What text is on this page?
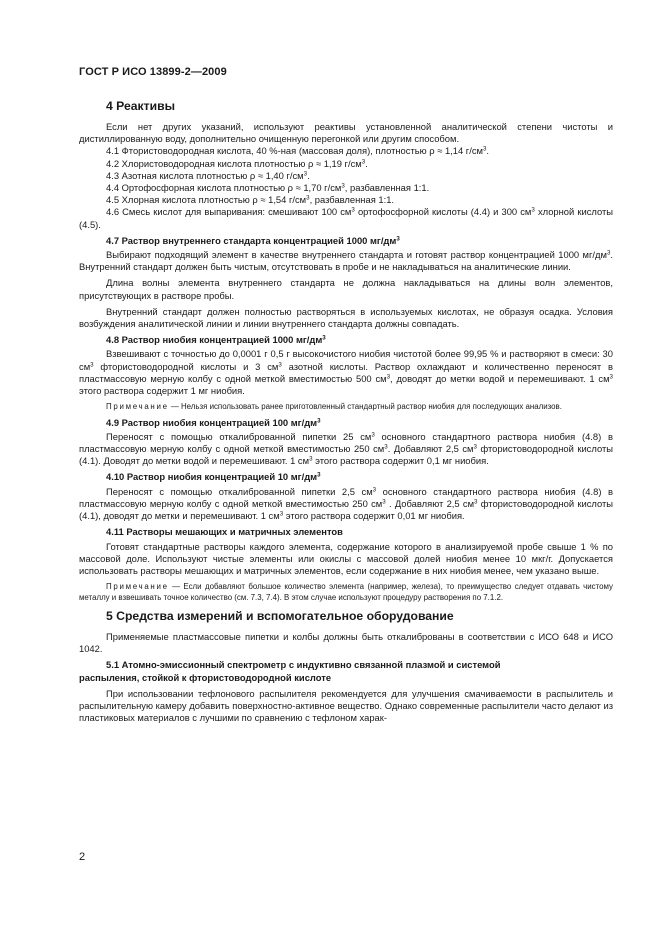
ГОСТ Р ИСО 13899-2—2009

4 Реактивы

Если нет других указаний, используют реактивы установленной аналитической степени чистоты и дистиллированную воду, дополнительно очищенную перегонкой или другим способом.

4.1 Фтористоводородная кислота, 40 %-ная (массовая доля), плотностью ρ ≈ 1,14 $г/см^3$.

4.2 Хлористоводородная кислота плотностью ρ ≈ 1,19 $г/см^3$.

4.3 Азотная кислота плотностью ρ ≈ 1,40 $г/см^3$.

4.4 Ортофосфорная кислота плотностью ρ ≈ 1,70 $г/см^3$, разбавленная 1:1.

4.5 Хлорная кислота плотностью ρ ≈ 1,54 $г/см^3$, разбавленная 1:1.

4.6 Смесь кислот для выпаривания: смешивают 100 $см^3$ ортофосфорной кислоты (4.4) и 300 $см^3$ хлорной кислоты (4.5).

4.7 Раствор внутреннего стандарта концентрацией 1000 $мг/дм^3$

Выбирают подходящий элемент в качестве внутреннего стандарта и готовят раствор концентрацией 1000 $мг/дм^3$. Внутренний стандарт должен быть чистым, отсутствовать в пробе и не накладываться на аналитические линии.

Длина волны элемента внутреннего стандарта не должна накладываться на длины волн элементов, присутствующих в растворе пробы.

Внутренний стандарт должен полностью растворяться в используемых кислотах, не образуя осадка. Условия возбуждения аналитической линии и линии внутреннего стандарта должны совпадать.

4.8 Раствор ниобия концентрацией 1000 $мг/дм^3$

Взвешивают с точностью до 0,0001 г 0,5 г высокочистого ниобия чистотой более 99,95 % и растворяют в смеси: 30 $см^3$ фтористоводородной кислоты и 3 $см^3$ азотной кислоты. Раствор охлаждают и количественно переносят в пластмассовую мерную колбу с одной меткой вместимостью 500 $см^3$, доводят до метки водой и перемешивают. 1 $см^3$ этого раствора содержит 1 мг ниобия.

Примечание — Нельзя использовать ранее приготовленный стандартный раствор ниобия для последующих анализов.

4.9 Раствор ниобия концентрацией 100 $мг/дм^3$

Переносят с помощью откалиброванной пипетки 25 $см^3$ основного стандартного раствора ниобия (4.8) в пластмассовую мерную колбу с одной меткой вместимостью 250 $см^3$. Добавляют 2,5 $см^3$ фтористоводородной кислоты (4.1). Доводят до метки водой и перемешивают. 1 $см^3$ этого раствора содержит 0,1 мг ниобия.

4.10 Раствор ниобия концентрацией 10 $мг/дм^3$

Переносят с помощью откалиброванной пипетки 2,5 $см^3$ основного стандартного раствора ниобия (4.8) в пластмассовую мерную колбу с одной меткой вместимостью 250 $см^3$ . Добавляют 2,5 $см^3$ фтористоводородной кислоты (4.1), доводят до метки и перемешивают. 1 $см^3$ этого раствора содержит 0,01 мг ниобия.

4.11 Растворы мешающих и матричных элементов

Готовят стандартные растворы каждого элемента, содержание которого в анализируемой пробе свыше 1 % по массовой доле. Используют чистые элементы или окислы с массовой долей ниобия менее 10 мкг/г. Допускается использовать растворы мешающих и матричных элементов, если содержание в них ниобия менее, чем указано выше.

Примечание — Если добавляют большое количество элемента (например, железа), то преимущество следует отдавать чистому металлу и взвешивать точное количество (см. 7.3, 7.4). В этом случае используют процедуру растворения по 7.1.2.

5 Средства измерений и вспомогательное оборудование

Применяемые пластмассовые пипетки и колбы должны быть откалиброваны в соответствии с ИСО 648 и ИСО 1042.

5.1 Атомно-эмиссионный спектрометр с индуктивно связанной плазмой и системой

распыления, стойкой к фтористоводородной кислоте

При использовании тефлонового распылителя рекомендуется для улучшения смачиваемости в распылитель и распылительную камеру добавить поверхностно-активное вещество. Однако современные распылители часто делают из пластиковых материалов с лучшими по сравнению с тефлоном харак-

2
